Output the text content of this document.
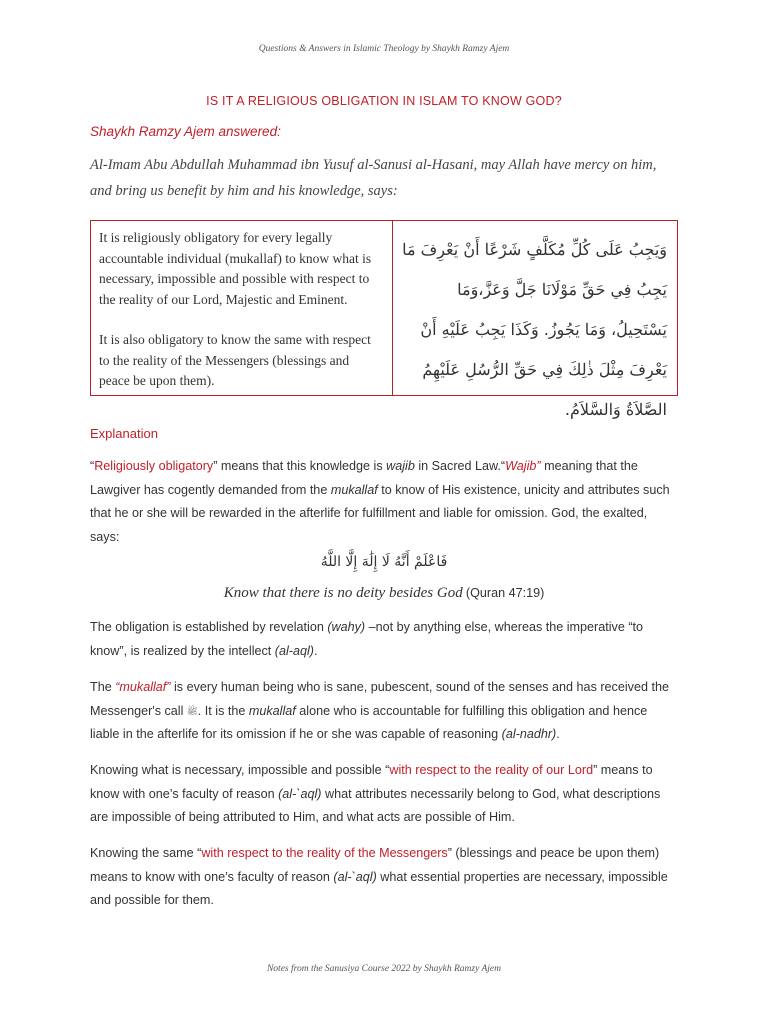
Questions & Answers in Islamic Theology by Shaykh Ramzy Ajem
IS IT A RELIGIOUS OBLIGATION IN ISLAM TO KNOW GOD?
Shaykh Ramzy Ajem answered:
Al-Imam Abu Abdullah Muhammad ibn Yusuf al-Sanusi al-Hasani, may Allah have mercy on him, and bring us benefit by him and his knowledge, says:

It is religiously obligatory for every legally accountable individual (mukallaf) to know what is necessary, impossible and possible with respect to the reality of our Lord, Majestic and Eminent.

It is also obligatory to know the same with respect to the reality of the Messengers (blessings and peace be upon them).

وَيَجِبُ عَلَى كُلِّ مُكَلَّفٍ شَرْعًا أَنْ يَعْرِفَ مَا يَجِبُ فِي حَقِّ مَوْلَانَا جَلَّ وَعَزَّ،وَمَا يَسْتَحِيلُ، وَمَا يَجُوزُ. وَكَذَا يَجِبُ عَلَيْهِ أَنْ يَعْرِفَ مِثْلَ ذٰلِكَ فِي حَقِّ الرُّسُلِ عَلَيْهِمُ الصَّلاَةُ وَالسَّلاَمُ.
Explanation
“Religiously obligatory” means that this knowledge is wajib in Sacred Law.“Wajib” meaning that the Lawgiver has cogently demanded from the mukallaf to know of His existence, unicity and attributes such that he or she will be rewarded in the afterlife for fulfillment and liable for omission. God, the exalted, says:
فَاعْلَمْ أَنَّهُ لَا إِلَٰهَ إِلَّا اللَّهُ
Know that there is no deity besides God (Quran 47:19)
The obligation is established by revelation (wahy) –not by anything else, whereas the imperative “to know”, is realized by the intellect (al-aql).
The “mukallaf” is every human being who is sane, pubescent, sound of the senses and has received the Messenger's call ﷺ. It is the mukallaf alone who is accountable for fulfilling this obligation and hence liable in the afterlife for its omission if he or she was capable of reasoning (al-nadhr).
Knowing what is necessary, impossible and possible “with respect to the reality of our Lord” means to know with one’s faculty of reason (al-`aql) what attributes necessarily belong to God, what descriptions are impossible of being attributed to Him, and what acts are possible of Him.
Knowing the same “with respect to the reality of the Messengers” (blessings and peace be upon them) means to know with one’s faculty of reason (al-`aql) what essential properties are necessary, impossible and possible for them.
Notes from the Sanusiya Course 2022 by Shaykh Ramzy Ajem
